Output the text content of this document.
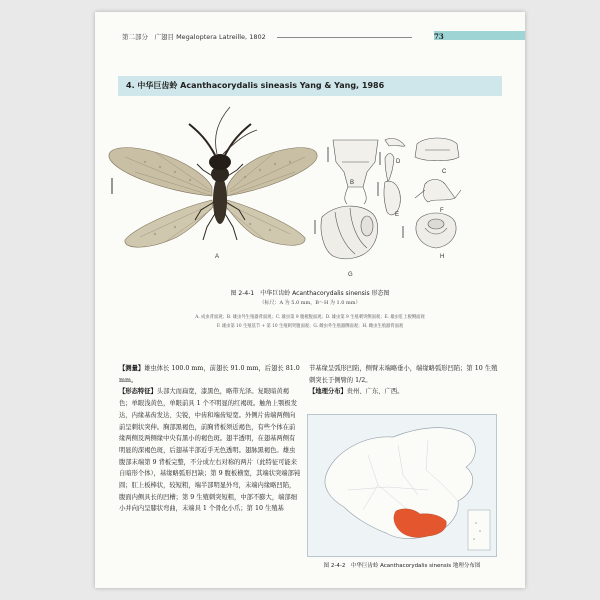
第二部分　广翅目 Megaloptera Latreille, 1802	73
4. 中华巨齿蛉 Acanthacorydalis sineasis Yang & Yang, 1986
A
B
C
D
E
F
G
H
图 2-4-1　中华巨齿蛉 Acanthacorydalis sinensis 形态图
（标尺：A 为 5.0 mm，B～H 为 1.0 mm）
A. 成虫背面观；B. 雄虫外生殖器背面观；C. 雄虫第 9 腹板腹面观；D. 雄虫第 9 生殖刺突侧面观；E. 雄虫肛上板侧面观
F. 雄虫第 10 生殖基节 + 第 10 生殖刺突腹面观；G. 雌虫外生殖器侧面观；H. 雌虫生殖器背面观

【测量】雄虫体长 100.0 mm，前翅长 91.0 mm，后翅长 81.0 mm。

【形态特征】头部大而扁宽，漆黑色，略带光泽。复眼暗黄褐色；单眼浅黄色，单眼前具 1 个不明显的红褐斑。触角上颚极发达，内缘基齿发达、尖锐，中齿和端齿短宽。外侧片齿端两侧向前呈刺状突伸。胸部黑褐色，前胸背板须近褐色，有些个体在前缘两侧及两侧缘中央有黑小的褐色斑。翅半透明，在翅基两侧有明显的深褐色斑，后翅基半部近乎无色透明。翅脉黑褐色。雄虫腹部末端第 9 背板完整，不分成左右对称的两片（此特征可能来自暗形个体），基缘略弧形凹缺；第 9 腹板横宽，其端状突端部钝圆；肛上板棒状，较短粗，端半部明显外弯，末端内缘略凹陷，腹面内侧具长的凹槽；第 9 生殖刺突短粗，中部不膨大，端部细小并向内呈膝状弯曲，末端具 1 个骨化小爪；第 10 生殖基

节基缘呈弧形凹陷，侧臂末端略垂小，端缘略弧形凹陷；第 10 生殖刺突长于侧臂的 1/2。

【地理分布】贵州、广东、广西。

图 2-4-2　中华巨齿蛉 Acanthacorydalis sinensis 地理分布图
